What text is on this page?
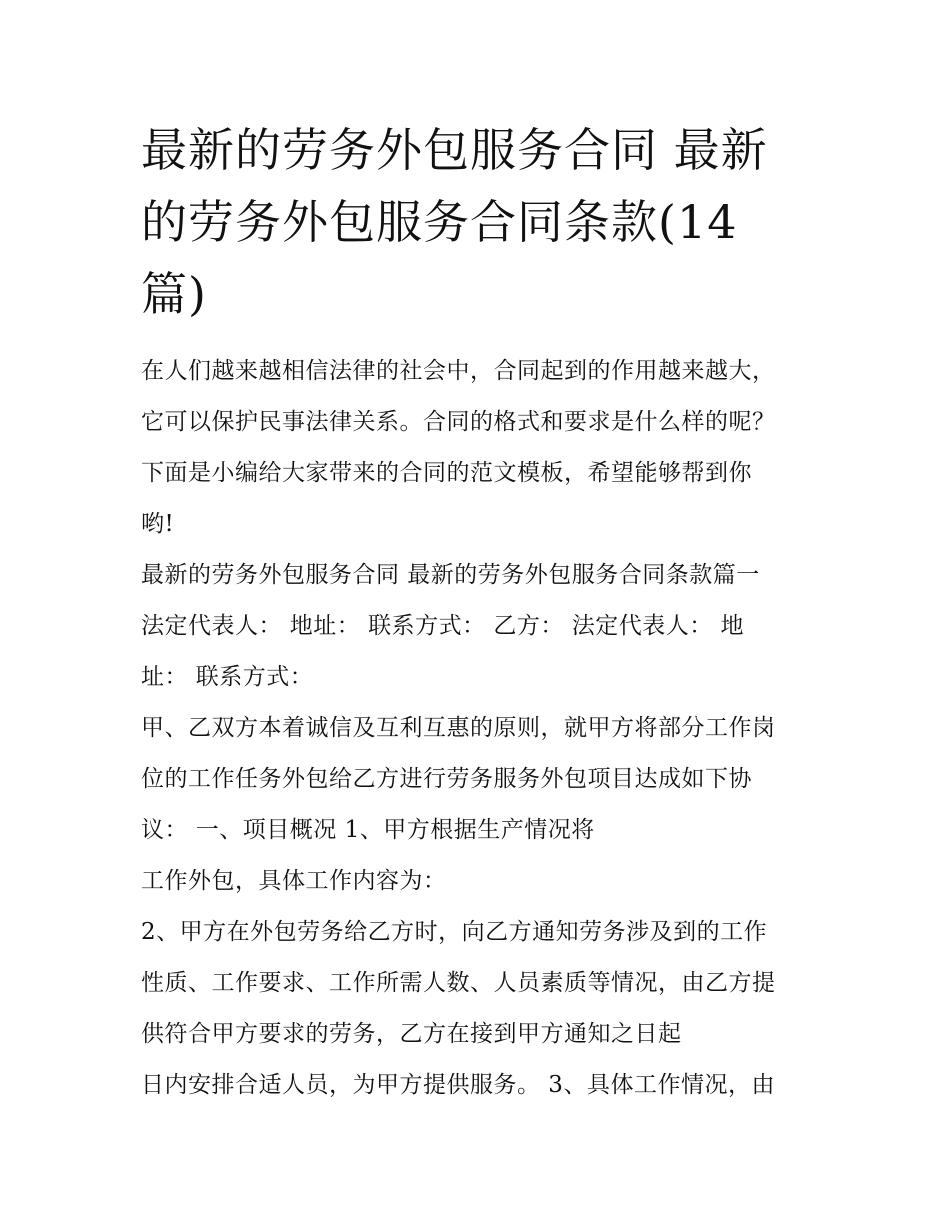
最新的劳务外包服务合同 最新
的劳务外包服务合同条款(14
篇)
在人们越来越相信法律的社会中，合同起到的作用越来越大，
它可以保护民事法律关系。合同的格式和要求是什么样的呢？
下面是小编给大家带来的合同的范文模板，希望能够帮到你
哟!
最新的劳务外包服务合同 最新的劳务外包服务合同条款篇一
法定代表人： 地址： 联系方式： 乙方： 法定代表人： 地
址： 联系方式：
甲、乙双方本着诚信及互利互惠的原则，就甲方将部分工作岗
位的工作任务外包给乙方进行劳务服务外包项目达成如下协
议： 一、项目概况 1、甲方根据生产情况将
工作外包，具体工作内容为：
2、甲方在外包劳务给乙方时，向乙方通知劳务涉及到的工作
性质、工作要求、工作所需人数、人员素质等情况，由乙方提
供符合甲方要求的劳务，乙方在接到甲方通知之日起
日内安排合适人员，为甲方提供服务。 3、具体工作情况，由
